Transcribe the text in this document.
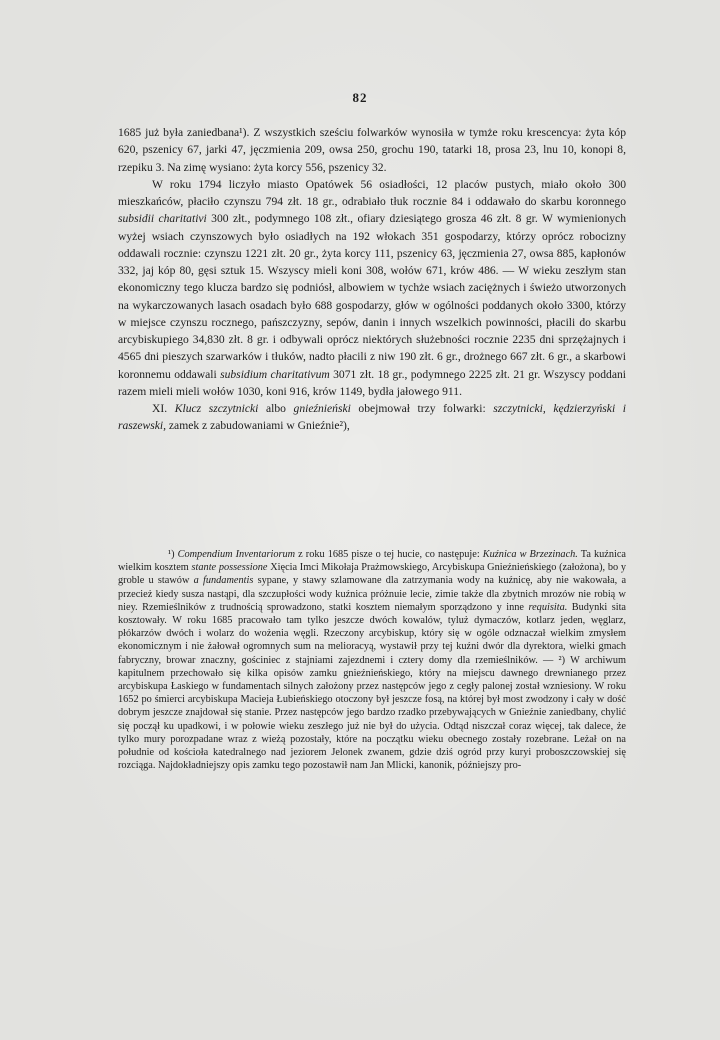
82

1685 już była zaniedbana¹). Z wszystkich sześciu folwarków wynosiła w tymże roku krescencya: żyta kóp 620, pszenicy 67, jarki 47, jęczmienia 209, owsa 250, grochu 190, tatarki 18, prosa 23, lnu 10, konopi 8, rzepiku 3. Na zimę wysiano: żyta korcy 556, pszenicy 32.

W roku 1794 liczyło miasto Opatówek 56 osiadłości, 12 placów pustych, miało około 300 mieszkańców, płaciło czynszu 794 złt. 18 gr., odrabiało tłuk rocznie 84 i oddawało do skarbu koronnego subsidii charitativi 300 złt., podymnego 108 złt., ofiary dziesiątego grosza 46 złt. 8 gr. W wymienionych wyżej wsiach czynszowych było osiadłych na 192 włokach 351 gospodarzy, którzy oprócz robocizny oddawali rocznie: czynszu 1221 złt. 20 gr., żyta korcy 111, pszenicy 63, jęczmienia 27, owsa 885, kapłonów 332, jaj kóp 80, gęsi sztuk 15. Wszyscy mieli koni 308, wołów 671, krów 486. — W wieku zeszłym stan ekonomiczny tego klucza bardzo się podniósł, albowiem w tychże wsiach zaciężnych i świeżo utworzonych na wykarczowanych lasach osadach było 688 gospodarzy, głów w ogólności poddanych około 3300, którzy w miejsce czynszu rocznego, pańszczyzny, sepów, danin i innych wszelkich powinności, płacili do skarbu arcybiskupiego 34,830 złt. 8 gr. i odbywali oprócz niektórych służebności rocznie 2235 dni sprzężajnych i 4565 dni pieszych szarwarków i tłuków, nadto płacili z niw 190 złt. 6 gr., drożnego 667 złt. 6 gr., a skarbowi koronnemu oddawali subsidium charitativum 3071 złt. 18 gr., podymnego 2225 złt. 21 gr. Wszyscy poddani razem mieli mieli wołów 1030, koni 916, krów 1149, bydła jałowego 911.

XI. Klucz szczytnicki albo gnieźnieński obejmował trzy folwarki: szczytnicki, kędzierzyński i raszewski, zamek z zabudowaniami w Gnieźnie²),

¹) Compendium Inventariorum z roku 1685 pisze o tej hucie, co następuje: Kuźnica w Brzezinach. Ta kuźnica wielkim kosztem stante possessione Xięcia Imci Mikołaja Prażmowskiego, Arcybiskupa Gnieźnieńskiego (założona), bo y groble u stawów a fundamentis sypane, y stawy szlamowane dla zatrzymania wody na kuźnicę, aby nie wakowała, a przecież kiedy susza nastąpi, dla szczupłości wody kuźnica próżnuie lecie, zimie także dla zbytnich mrozów nie robią w niey. Rzemieślników z trudnością sprowadzono, statki kosztem niemałym sporządzono y inne requisita. Budynki sita kosztowały. W roku 1685 pracowało tam tylko jeszcze dwóch kowalów, tyluż dymaczów, kotlarz jeden, węglarz, płókarzów dwóch i wolarz do wożenia węgli. Rzeczony arcybiskup, który się w ogóle odznaczał wielkim zmysłem ekonomicznym i nie żałował ogromnych sum na melioracyą, wystawił przy tej kuźni dwór dla dyrektora, wielki gmach fabryczny, browar znaczny, gościniec z stajniami zajezdnemi i cztery domy dla rzemieślników. — ²) W archiwum kapitulnem przechowało się kilka opisów zamku gnieźnieńskiego, który na miejscu dawnego drewnianego przez arcybiskupa Łaskiego w fundamentach silnych założony przez następców jego z cegły palonej został wzniesiony. W roku 1652 po śmierci arcybiskupa Macieja Łubieńskiego otoczony był jeszcze fosą, na której był most zwodzony i cały w dość dobrym jeszcze znajdował się stanie. Przez następców jego bardzo rzadko przebywających w Gnieźnie zaniedbany, chylić się począł ku upadkowi, i w połowie wieku zeszłego już nie był do użycia. Odtąd niszczał coraz więcej, tak dalece, że tylko mury porozpadane wraz z wieżą pozostały, które na początku wieku obecnego zostały rozebrane. Leżał on na południe od kościoła katedralnego nad jeziorem Jelonek zwanem, gdzie dziś ogród przy kuryi proboszczowskiej się rozciąga. Najdokładniejszy opis zamku tego pozostawił nam Jan Mlicki, kanonik, późniejszy pro-
